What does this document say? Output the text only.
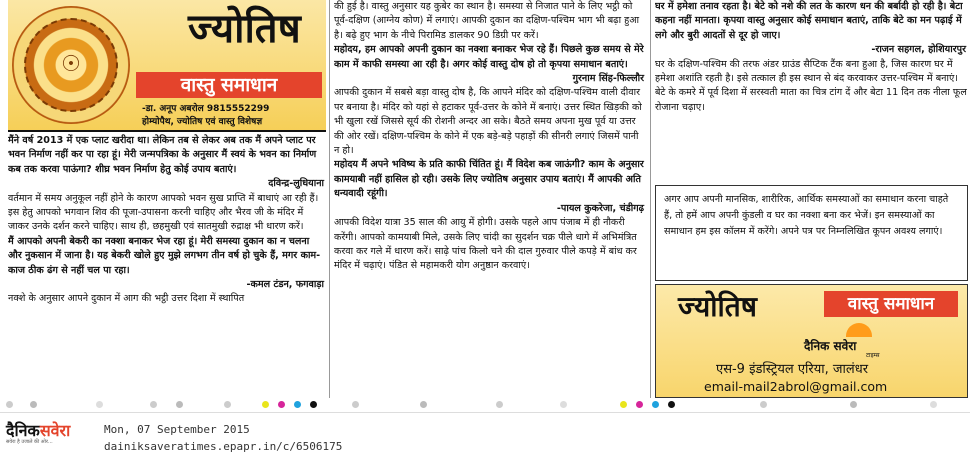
☉
ज्योतिष
वास्तु समाधान
-डा. अनूप अबरोल 9815552299
होम्योपैथ, ज्योतिष एवं वास्तु विशेषज्ञ

मैंने वर्ष 2013 में एक प्लाट खरीदा था। लेकिन तब से लेकर अब तक मैं अपने प्लाट पर भवन निर्माण नहीं कर पा रहा हूं। मेरी जन्मपत्रिका के अनुसार मैं स्वयं के भवन का निर्माण कब तक करवा पाऊंगा? शीघ्र भवन निर्माण हेतु कोई उपाय बताएं।

दविन्द्र-लुधियाना

वर्तमान में समय अनुकूल नहीं होने के कारण आपको भवन सुख प्राप्ति में बाधाएं आ रही हैं। इस हेतु आपको भगवान शिव की पूजा-उपासना करनी चाहिए और भैरव जी के मंदिर में जाकर उनके दर्शन करने चाहिए। साथ ही, छहमुखी एवं सातमुखी रुद्राक्ष भी धारण करें।

मैं आपको अपनी बेकरी का नक्शा बनाकर भेज रहा हूं। मेरी समस्या दुकान का न चलना और नुकसान में जाना है। यह बेकरी खोले हुए मुझे लगभग तीन वर्ष हो चुके हैं, मगर काम-काज ठीक ढंग से नहीं चल पा रहा।

-कमल टंडन, फगवाड़ा

नक्शे के अनुसार आपने दुकान में आग की भट्ठी उत्तर दिशा में स्थापित

की हुई है। वास्तु अनुसार यह कुबेर का स्थान है। समस्या से निजात पाने के लिए भट्ठी को पूर्व-दक्षिण (आग्नेय कोण) में लगाएं। आपकी दुकान का दक्षिण-पश्चिम भाग भी बढ़ा हुआ है। बढ़े हुए भाग के नीचे पिरामिड डालकर 90 डिग्री पर करें।

महोदय, हम आपको अपनी दुकान का नक्शा बनाकर भेज रहे हैं। पिछले कुछ समय से मेरे काम में काफी समस्या आ रही है। अगर कोई वास्तु दोष हो तो कृपया समाधान बताएं।

गुरनाम सिंह-फिल्लौर

आपकी दुकान में सबसे बड़ा वास्तु दोष है, कि आपने मंदिर को दक्षिण-पश्चिम वाली दीवार पर बनाया है। मंदिर को यहां से हटाकर पूर्व-उत्तर के कोने में बनाएं। उत्तर स्थित खिड़की को भी खुला रखें जिससे सूर्य की रोशनी अन्दर आ सके। बैठते समय अपना मुख पूर्व या उत्तर की ओर रखें। दक्षिण-पश्चिम के कोने में एक बड़े-बड़े पहाड़ों की सीनरी लगाएं जिसमें पानी न हो।

महोदय मैं अपने भविष्य के प्रति काफी चिंतित हूं। मैं विदेश कब जाऊंगी? काम के अनुसार कामयाबी नहीं हासिल हो रही। उसके लिए ज्योतिष अनुसार उपाय बताएं। मैं आपकी अति धन्यवादी रहूंगी।

-पायल कुकरेजा, चंडीगढ़

आपकी विदेश यात्रा 35 साल की आयु में होगी। उसके पहले आप पंजाब में ही नौकरी करेंगी। आपको कामयाबी मिले, उसके लिए चांदी का सुदर्शन चक्र पीले धागे में अभिमंत्रित करवा कर गले में धारण करें। साढ़े पांच किलो चने की दाल गुरुवार पीले कपड़े में बांध कर मंदिर में चढ़ाएं। पंडित से महामकरी योग अनुष्ठान करवाएं।

घर में हमेशा तनाव रहता है। बेटे को नशे की लत के कारण धन की बर्बादी हो रही है। बेटा कहना नहीं मानता। कृपया वास्तु अनुसार कोई समाधान बताएं, ताकि बेटे का मन पढ़ाई में लगे और बुरी आदतों से दूर हो जाए।

-राजन सहगल, होशियारपुर

घर के दक्षिण-पश्चिम की तरफ अंडर ग्राउंड सैप्टिक टैंक बना हुआ है, जिस कारण घर में हमेशा अशांति रहती है। इसे तत्काल ही इस स्थान से बंद करवाकर उत्तर-पश्चिम में बनाएं। बेटे के कमरे में पूर्व दिशा में सरस्वती माता का चित्र टांग दें और बेटा 11 दिन तक नीला फूल रोजाना चढ़ाए।

अगर आप अपनी मानसिक, शारीरिक, आर्थिक समस्याओं का समाधान करना चाहते हैं, तो हमें आप अपनी कुंडली व घर का नक्शा बना कर भेजें। इन समस्याओं का समाधान हम इस कॉलम में करेंगे। अपने पत्र पर निम्नलिखित कूपन अवश्य लगाएं।

ज्योतिष	वास्तु समाधान
दैनिक सवेरा
टाइम्स
एस-9 इंडस्ट्रियल एरिया, जालंधर
email-mail2abrol@gmail.com
दैनिकसवेरा
सवेरा है उजाले की ओर...
Mon, 07 September 2015
dainiksaveratimes.epapr.in/c/6506175
